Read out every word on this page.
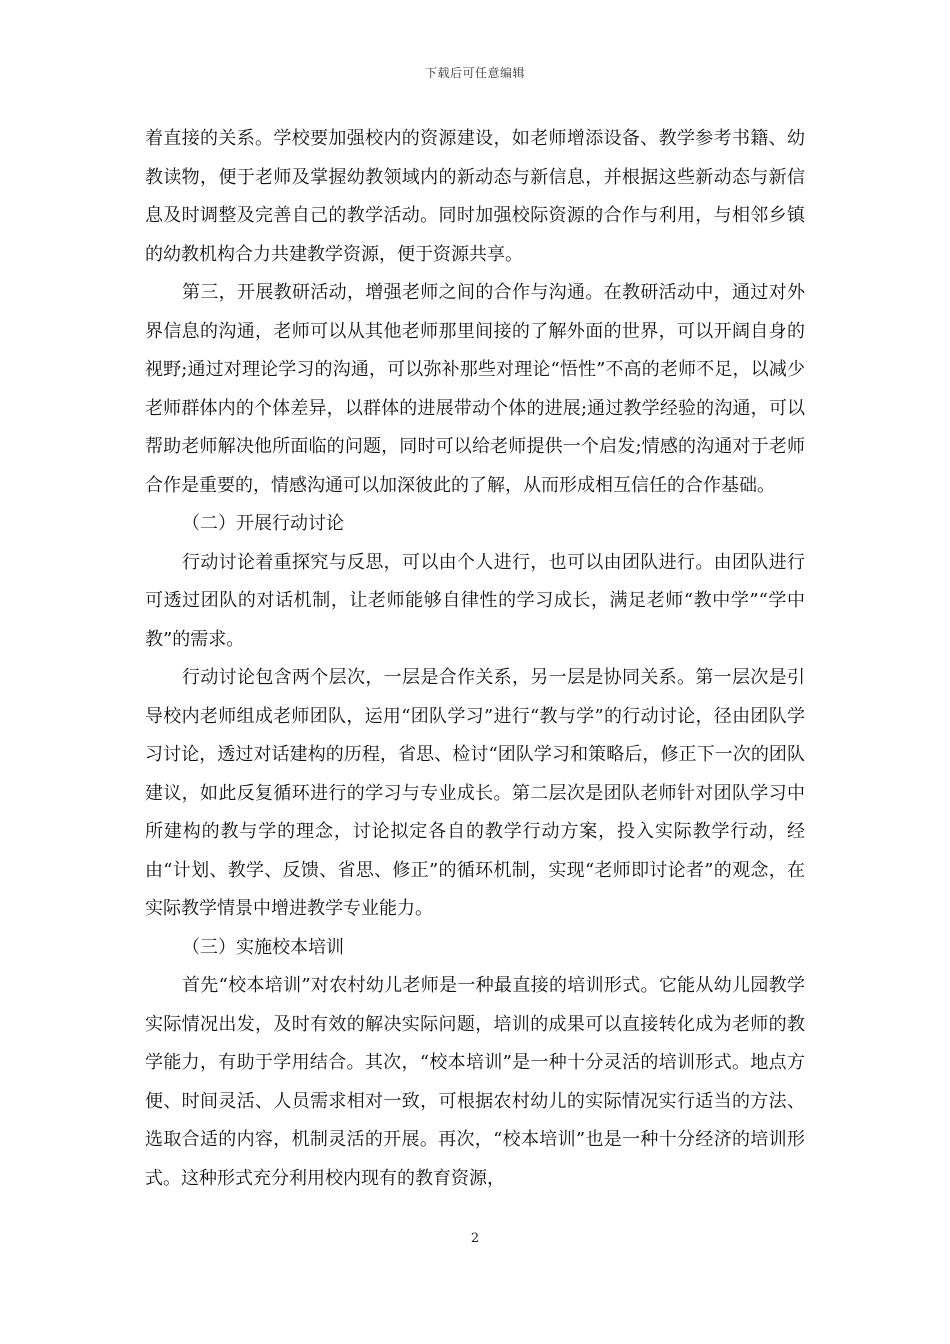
下载后可任意编辑

着直接的关系。学校要加强校内的资源建设，如老师增添设备、教学参考书籍、幼教读物，便于老师及掌握幼教领域内的新动态与新信息，并根据这些新动态与新信息及时调整及完善自己的教学活动。同时加强校际资源的合作与利用，与相邻乡镇的幼教机构合力共建教学资源，便于资源共享。

第三，开展教研活动，增强老师之间的合作与沟通。在教研活动中，通过对外界信息的沟通，老师可以从其他老师那里间接的了解外面的世界，可以开阔自身的视野;通过对理论学习的沟通，可以弥补那些对理论“悟性”不高的老师不足，以减少老师群体内的个体差异，以群体的进展带动个体的进展;通过教学经验的沟通，可以帮助老师解决他所面临的问题，同时可以给老师提供一个启发;情感的沟通对于老师合作是重要的，情感沟通可以加深彼此的了解，从而形成相互信任的合作基础。

（二）开展行动讨论

行动讨论着重探究与反思，可以由个人进行，也可以由团队进行。由团队进行可透过团队的对话机制，让老师能够自律性的学习成长，满足老师“教中学”“学中教”的需求。

行动讨论包含两个层次，一层是合作关系，另一层是协同关系。第一层次是引导校内老师组成老师团队，运用“团队学习”进行“教与学”的行动讨论，径由团队学习讨论，透过对话建构的历程，省思、检讨“团队学习和策略后，修正下一次的团队建议，如此反复循环进行的学习与专业成长。第二层次是团队老师针对团队学习中所建构的教与学的理念，讨论拟定各自的教学行动方案，投入实际教学行动，经由“计划、教学、反馈、省思、修正”的循环机制，实现“老师即讨论者”的观念，在实际教学情景中增进教学专业能力。

（三）实施校本培训

首先“校本培训”对农村幼儿老师是一种最直接的培训形式。它能从幼儿园教学实际情况出发，及时有效的解决实际问题，培训的成果可以直接转化成为老师的教学能力，有助于学用结合。其次，“校本培训”是一种十分灵活的培训形式。地点方便、时间灵活、人员需求相对一致，可根据农村幼儿的实际情况实行适当的方法、选取合适的内容，机制灵活的开展。再次，“校本培训”也是一种十分经济的培训形式。这种形式充分利用校内现有的教育资源，

2
